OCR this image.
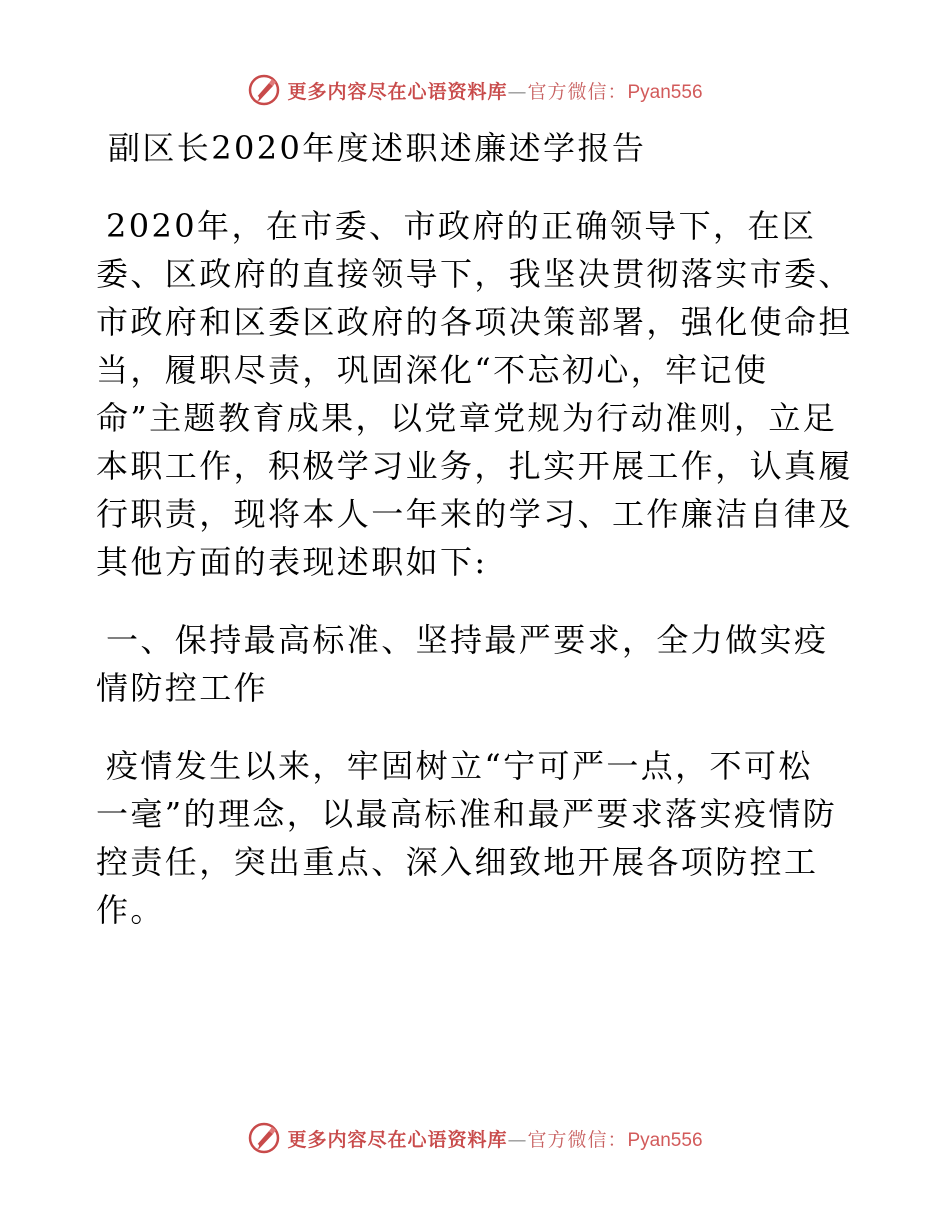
更多内容尽在心语资料库—官方微信：Pyan556
副区长2020年度述职述廉述学报告
2020年，在市委、市政府的正确领导下，在区
委、区政府的直接领导下，我坚决贯彻落实市委、
市政府和区委区政府的各项决策部署，强化使命担
当，履职尽责，巩固深化“不忘初心，牢记使
命”主题教育成果，以党章党规为行动准则，立足
本职工作，积极学习业务，扎实开展工作，认真履
行职责，现将本人一年来的学习、工作廉洁自律及
其他方面的表现述职如下:
一、保持最高标准、坚持最严要求，全力做实疫
情防控工作
疫情发生以来，牢固树立“宁可严一点，不可松
一毫”的理念，以最高标准和最严要求落实疫情防
控责任，突出重点、深入细致地开展各项防控工
作。
更多内容尽在心语资料库—官方微信：Pyan556
